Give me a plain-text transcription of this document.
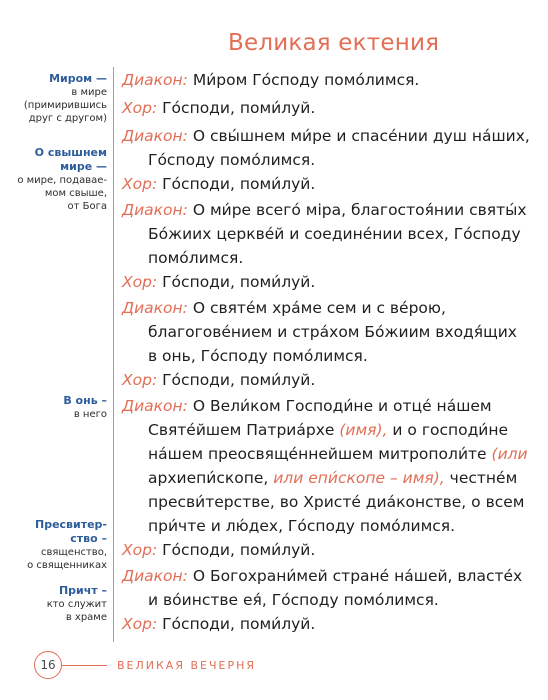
Великая ектения
Миром —
в мире
(примирившись
друг с другом)
О свышнем
мире —
о мире, подавае-
мом свыше,
от Бога
В онь –
в него
Пресвитер-
ство –
священство,
о священниках
Причт –
кто служит
в храме
Диакон: Ми́ром Го́споду помо́лимся.
Хор: Го́споди, поми́луй.
Диакон: О свы́шнем ми́ре и спасе́нии душ на́ших,
Го́споду помо́лимся.
Хор: Го́споди, поми́луй.
Диакон: О ми́ре всего́ міра, благостоя́нии святы́х
Бо́жиих церкве́й и соедине́нии всех, Го́споду
помо́лимся.
Хор: Го́споди, поми́луй.
Диакон: О святе́м хра́ме сем и с ве́рою,
благогове́нием и стра́хом Бо́жиим входя́щих
в онь, Го́споду помо́лимся.
Хор: Го́споди, поми́луй.
Диакон: О Вели́ком Господи́не и отце́ на́шем
Святе́йшем Патриа́рхе (имя), и о господи́не
на́шем преосвяще́ннейшем митрополи́те (или
архиепи́скопе, или епи́скопе – имя), честне́м
пресви́терстве, во Христе́ диа́констве, о всем
при́чте и лю́дех, Го́споду помо́лимся.
Хор: Го́споди, поми́луй.
Диакон: О Богохрани́мей стране́ на́шей, власте́х
и во́инстве ея́, Го́споду помо́лимся.
Хор: Го́споди, поми́луй.
16	ВЕЛИКАЯ ВЕЧЕРНЯ
